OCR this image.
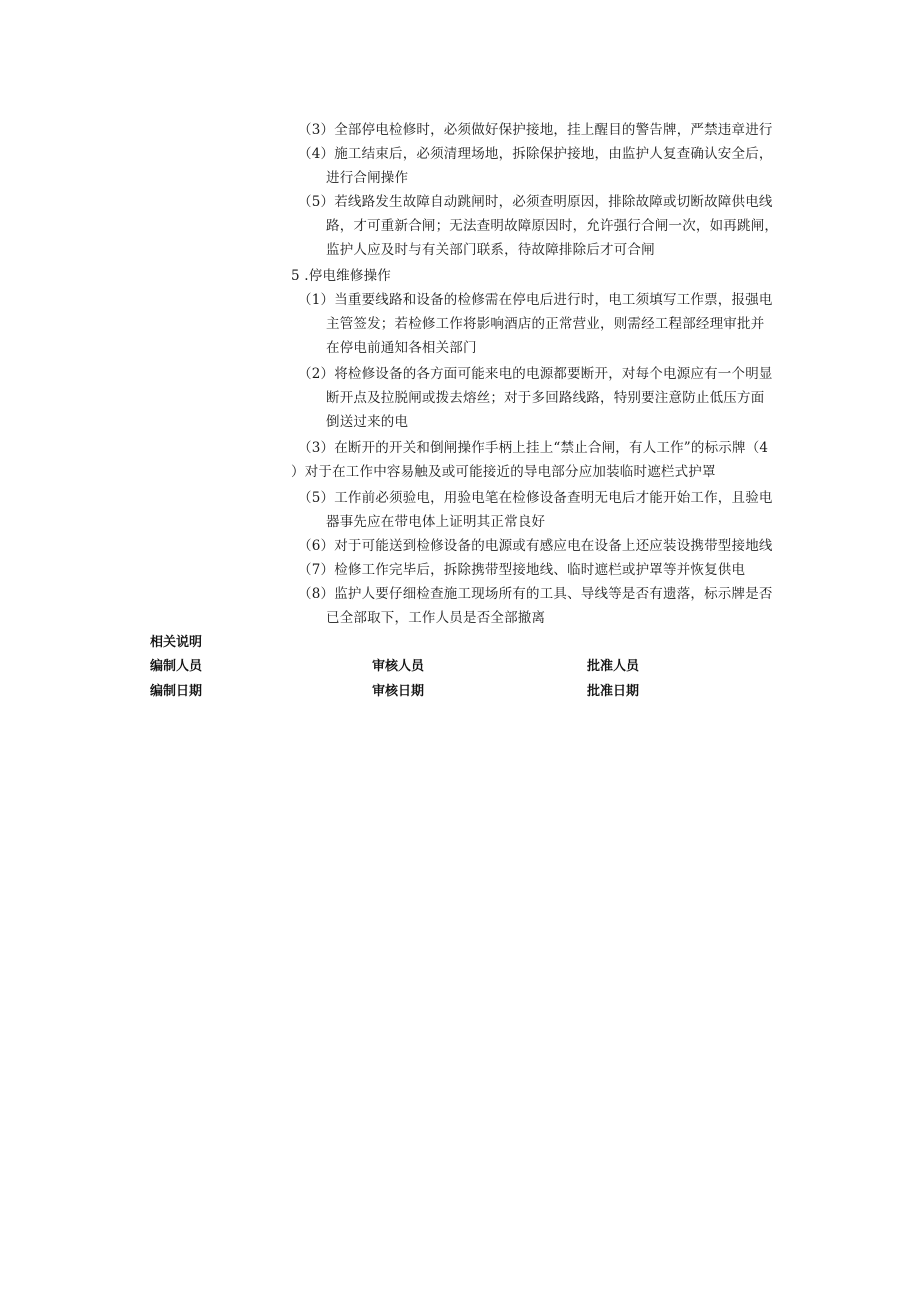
（3）全部停电检修时，必须做好保护接地，挂上醒目的警告牌，严禁违章进行
（4）施工结束后，必须清理场地，拆除保护接地，由监护人复查确认安全后，
进行合闸操作
（5）若线路发生故障自动跳闸时，必须查明原因，排除故障或切断故障供电线
路，才可重新合闸；无法查明故障原因时，允许强行合闸一次，如再跳闸，
监护人应及时与有关部门联系，待故障排除后才可合闸
5 .停电维修操作
（1）当重要线路和设备的检修需在停电后进行时，电工须填写工作票，报强电
主管签发；若检修工作将影响酒店的正常营业，则需经工程部经理审批并
在停电前通知各相关部门
（2）将检修设备的各方面可能来电的电源都要断开，对每个电源应有一个明显
断开点及拉脱闸或拨去熔丝；对于多回路线路，特别要注意防止低压方面
倒送过来的电
（3）在断开的开关和倒闸操作手柄上挂上“禁止合闸，有人工作”的标示牌（4
）对于在工作中容易触及或可能接近的导电部分应加装临时遮栏式护罩
（5）工作前必须验电，用验电笔在检修设备查明无电后才能开始工作，且验电
器事先应在带电体上证明其正常良好
（6）对于可能送到检修设备的电源或有感应电在设备上还应装设携带型接地线
（7）检修工作完毕后，拆除携带型接地线、临时遮栏或护罩等并恢复供电
（8）监护人要仔细检查施工现场所有的工具、导线等是否有遗落，标示牌是否
已全部取下，工作人员是否全部撤离
相关说明
编制人员	审核人员	批准人员
编制日期	审核日期	批准日期
